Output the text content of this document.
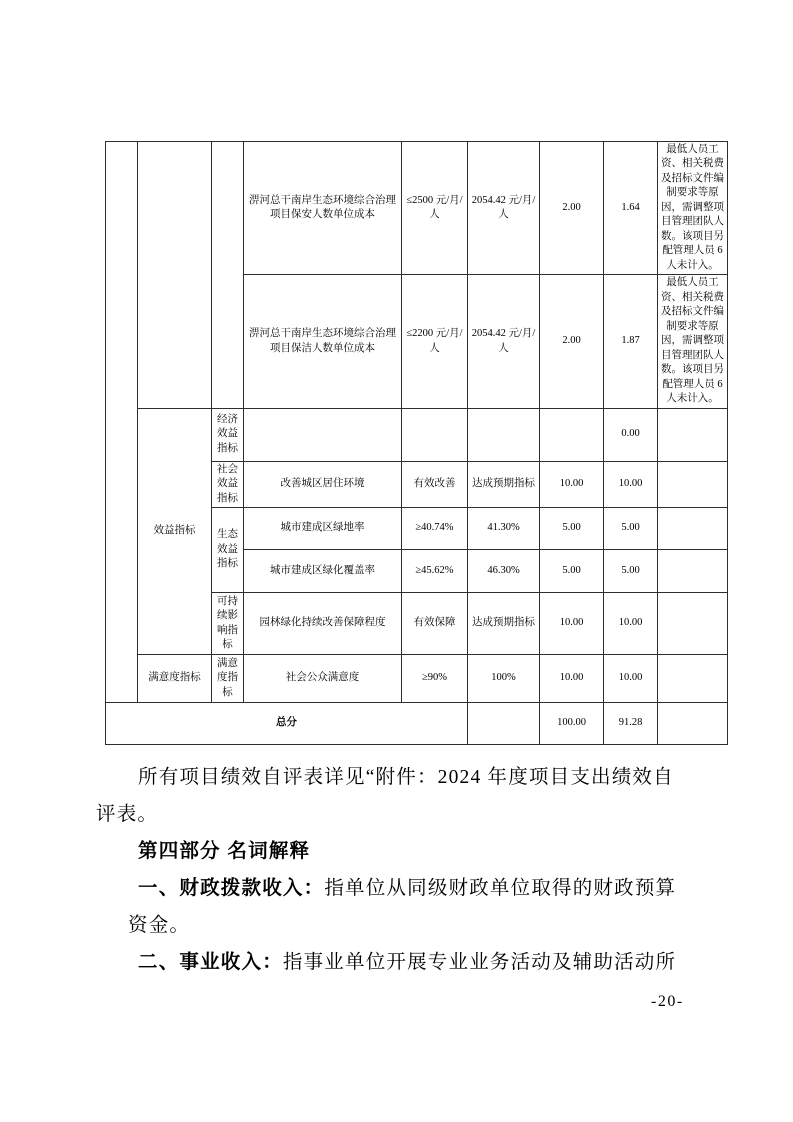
			淠河总干南岸生态环境综合治理项目保安人数单位成本	≤2500 元/月/人	2054.42 元/月/人	2.00	1.64	最低人员工资、相关税费及招标文件编制要求等原因，需调整项目管理团队人数。该项目另配管理人员 6 人未计入。
			淠河总干南岸生态环境综合治理项目保洁人数单位成本	≤2200 元/月/人	2054.42 元/月/人	2.00	1.87	最低人员工资、相关税费及招标文件编制要求等原因，需调整项目管理团队人数。该项目另配管理人员 6 人未计入。
	效益指标	经济效益指标					0.00	
		社会效益指标	改善城区居住环境	有效改善	达成预期指标	10.00	10.00	
		生态效益指标	城市建成区绿地率	≥40.74%	41.30%	5.00	5.00	
			城市建成区绿化覆盖率	≥45.62%	46.30%	5.00	5.00	
		可持续影响指标	园林绿化持续改善保障程度	有效保障	达成预期指标	10.00	10.00	
	满意度指标	满意度指标	社会公众满意度	≥90%	100%	10.00	10.00	
总分						100.00	91.28	
所有项目绩效自评表详见“附件：2024 年度项目支出绩效自
评表。
第四部分 名词解释
一、财政拨款收入：指单位从同级财政单位取得的财政预算
资金。
二、事业收入：指事业单位开展专业业务活动及辅助活动所
-20-
